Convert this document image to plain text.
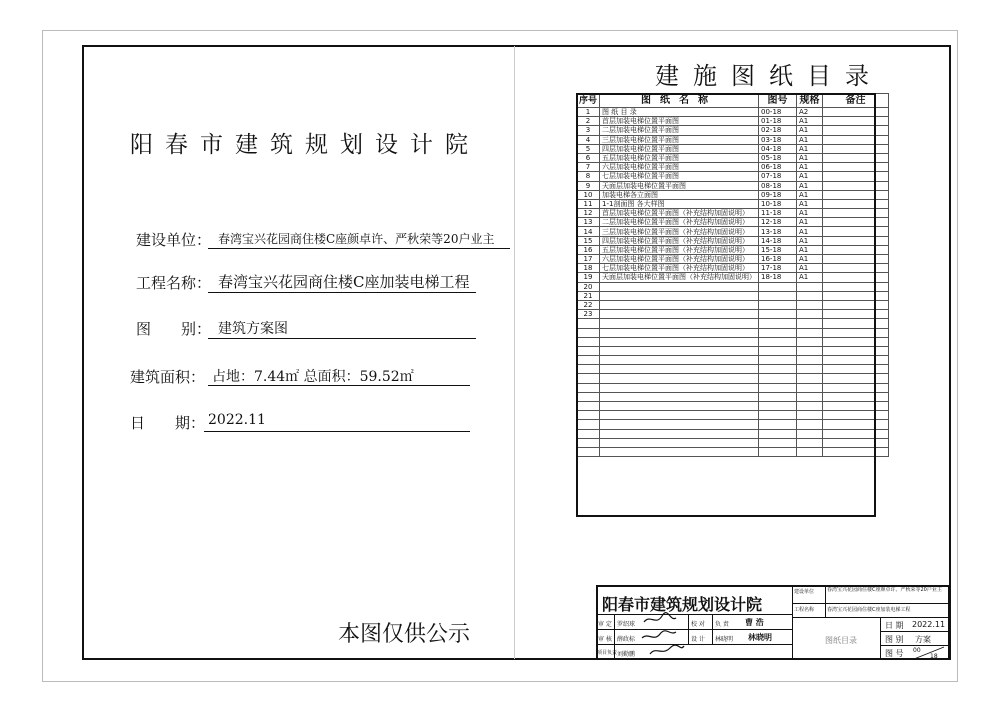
阳春市建筑规划设计院
建设单位： 春湾宝兴花园商住楼C座颜卓许、严秋荣等20户业主
工程名称： 春湾宝兴花园商住楼C座加装电梯工程
图　　别： 建筑方案图
建筑面积： 占地：7.44㎡ 总面积：59.52㎡
日　　期： 2022.11
本图仅供公示
建施图纸目录
序号	图纸名称	图号	规格	备注
1	图 纸 目 录	00-18	A2	
2	首层加装电梯位置平面图	01-18	A1	
3	二层加装电梯位置平面图	02-18	A1	
4	三层加装电梯位置平面图	03-18	A1	
5	四层加装电梯位置平面图	04-18	A1	
6	五层加装电梯位置平面图	05-18	A1	
7	六层加装电梯位置平面图	06-18	A1	
8	七层加装电梯位置平面图	07-18	A1	
9	天面层加装电梯位置平面图	08-18	A1	
10	加装电梯各立面图	09-18	A1	
11	1-1剖面图 各大样图	10-18	A1	
12	首层加装电梯位置平面图（补充结构加固说明）	11-18	A1	
13	二层加装电梯位置平面图（补充结构加固说明）	12-18	A1	
14	三层加装电梯位置平面图（补充结构加固说明）	13-18	A1	
15	四层加装电梯位置平面图（补充结构加固说明）	14-18	A1	
16	五层加装电梯位置平面图（补充结构加固说明）	15-18	A1	
17	六层加装电梯位置平面图（补充结构加固说明）	16-18	A1	
18	七层加装电梯位置平面图（补充结构加固说明）	17-18	A1	
19	天面层加装电梯位置平面图（补充结构加固说明）	18-18	A1	
20				
21				
22				
23				

阳春市建筑规划设计院
审 定 罗绍球	校 对 负 责 曹 浩
审 核 薛政标	设 计 林晓明 林晓明
项目负责 刘勤鹏
建设单位	春湾宝兴花园商住楼C座颜卓许、严秋荣等20户业主
工程名称	春湾宝兴花园商住楼C座加装电梯工程
图纸目录
日 期 2022.11
图 别 方案
图 号 00
18
